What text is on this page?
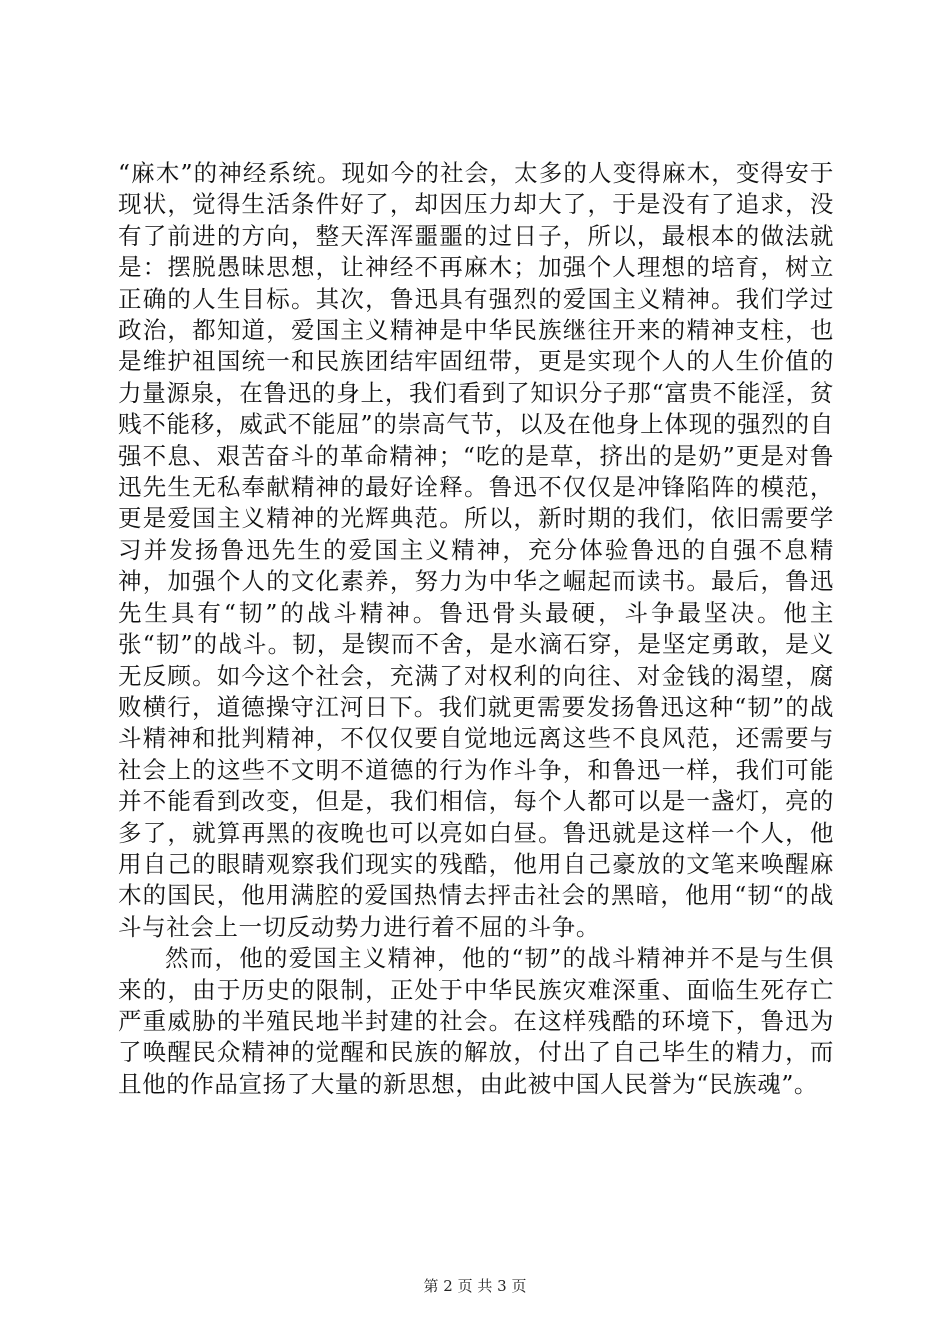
“麻木”的神经系统。现如今的社会，太多的人变得麻木，变得安于现状，觉得生活条件好了，却因压力却大了，于是没有了追求，没有了前进的方向，整天浑浑噩噩的过日子，所以，最根本的做法就是：摆脱愚昧思想，让神经不再麻木；加强个人理想的培育，树立正确的人生目标。其次，鲁迅具有强烈的爱国主义精神。我们学过政治，都知道，爱国主义精神是中华民族继往开来的精神支柱，也是维护祖国统一和民族团结牢固纽带，更是实现个人的人生价值的力量源泉，在鲁迅的身上，我们看到了知识分子那“富贵不能淫，贫贱不能移，威武不能屈”的崇高气节，以及在他身上体现的强烈的自强不息、艰苦奋斗的革命精神；“吃的是草，挤出的是奶”更是对鲁迅先生无私奉献精神的最好诠释。鲁迅不仅仅是冲锋陷阵的模范，更是爱国主义精神的光辉典范。所以，新时期的我们，依旧需要学习并发扬鲁迅先生的爱国主义精神，充分体验鲁迅的自强不息精神，加强个人的文化素养，努力为中华之崛起而读书。最后，鲁迅先生具有“韧”的战斗精神。鲁迅骨头最硬，斗争最坚决。他主张“韧”的战斗。韧，是锲而不舍，是水滴石穿，是坚定勇敢，是义无反顾。如今这个社会，充满了对权利的向往、对金钱的渴望，腐败横行，道德操守江河日下。我们就更需要发扬鲁迅这种“韧”的战斗精神和批判精神，不仅仅要自觉地远离这些不良风范，还需要与社会上的这些不文明不道德的行为作斗争，和鲁迅一样，我们可能并不能看到改变，但是，我们相信，每个人都可以是一盏灯，亮的多了，就算再黑的夜晚也可以亮如白昼。鲁迅就是这样一个人，他用自己的眼睛观察我们现实的残酷，他用自己豪放的文笔来唤醒麻木的国民，他用满腔的爱国热情去抨击社会的黑暗，他用“韧“的战斗与社会上一切反动势力进行着不屈的斗争。

然而，他的爱国主义精神，他的“韧”的战斗精神并不是与生俱来的，由于历史的限制，正处于中华民族灾难深重、面临生死存亡严重威胁的半殖民地半封建的社会。在这样残酷的环境下，鲁迅为了唤醒民众精神的觉醒和民族的解放，付出了自己毕生的精力，而且他的作品宣扬了大量的新思想，由此被中国人民誉为“民族魂”。

第 2 页 共 3 页
